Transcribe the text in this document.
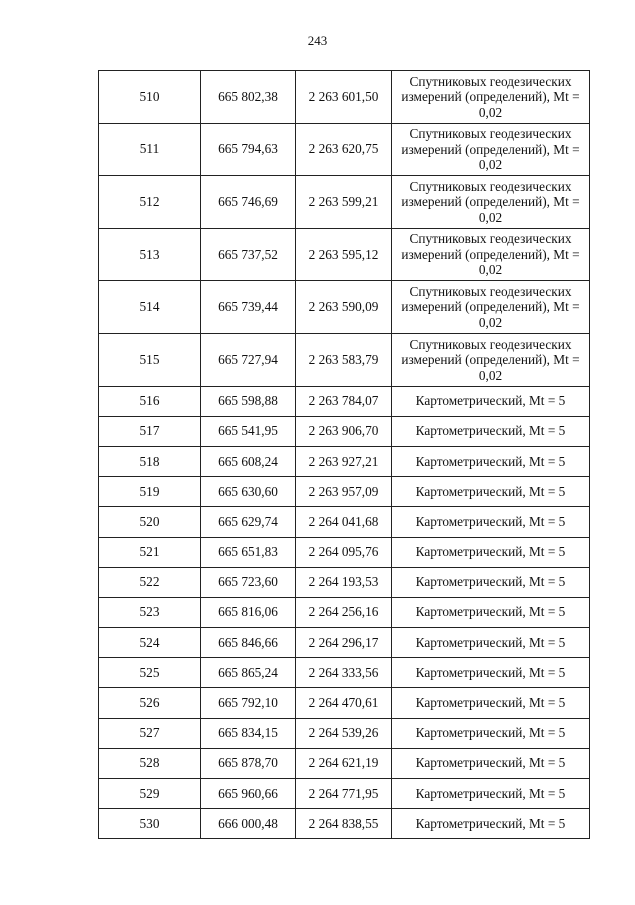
243
510	665 802,38	2 263 601,50	Спутниковых геодезических измерений (определений), Mt = 0,02
511	665 794,63	2 263 620,75	Спутниковых геодезических измерений (определений), Mt = 0,02
512	665 746,69	2 263 599,21	Спутниковых геодезических измерений (определений), Mt = 0,02
513	665 737,52	2 263 595,12	Спутниковых геодезических измерений (определений), Mt = 0,02
514	665 739,44	2 263 590,09	Спутниковых геодезических измерений (определений), Mt = 0,02
515	665 727,94	2 263 583,79	Спутниковых геодезических измерений (определений), Mt = 0,02
516	665 598,88	2 263 784,07	Картометрический, Mt = 5
517	665 541,95	2 263 906,70	Картометрический, Mt = 5
518	665 608,24	2 263 927,21	Картометрический, Mt = 5
519	665 630,60	2 263 957,09	Картометрический, Mt = 5
520	665 629,74	2 264 041,68	Картометрический, Mt = 5
521	665 651,83	2 264 095,76	Картометрический, Mt = 5
522	665 723,60	2 264 193,53	Картометрический, Mt = 5
523	665 816,06	2 264 256,16	Картометрический, Mt = 5
524	665 846,66	2 264 296,17	Картометрический, Mt = 5
525	665 865,24	2 264 333,56	Картометрический, Mt = 5
526	665 792,10	2 264 470,61	Картометрический, Mt = 5
527	665 834,15	2 264 539,26	Картометрический, Mt = 5
528	665 878,70	2 264 621,19	Картометрический, Mt = 5
529	665 960,66	2 264 771,95	Картометрический, Mt = 5
530	666 000,48	2 264 838,55	Картометрический, Mt = 5
